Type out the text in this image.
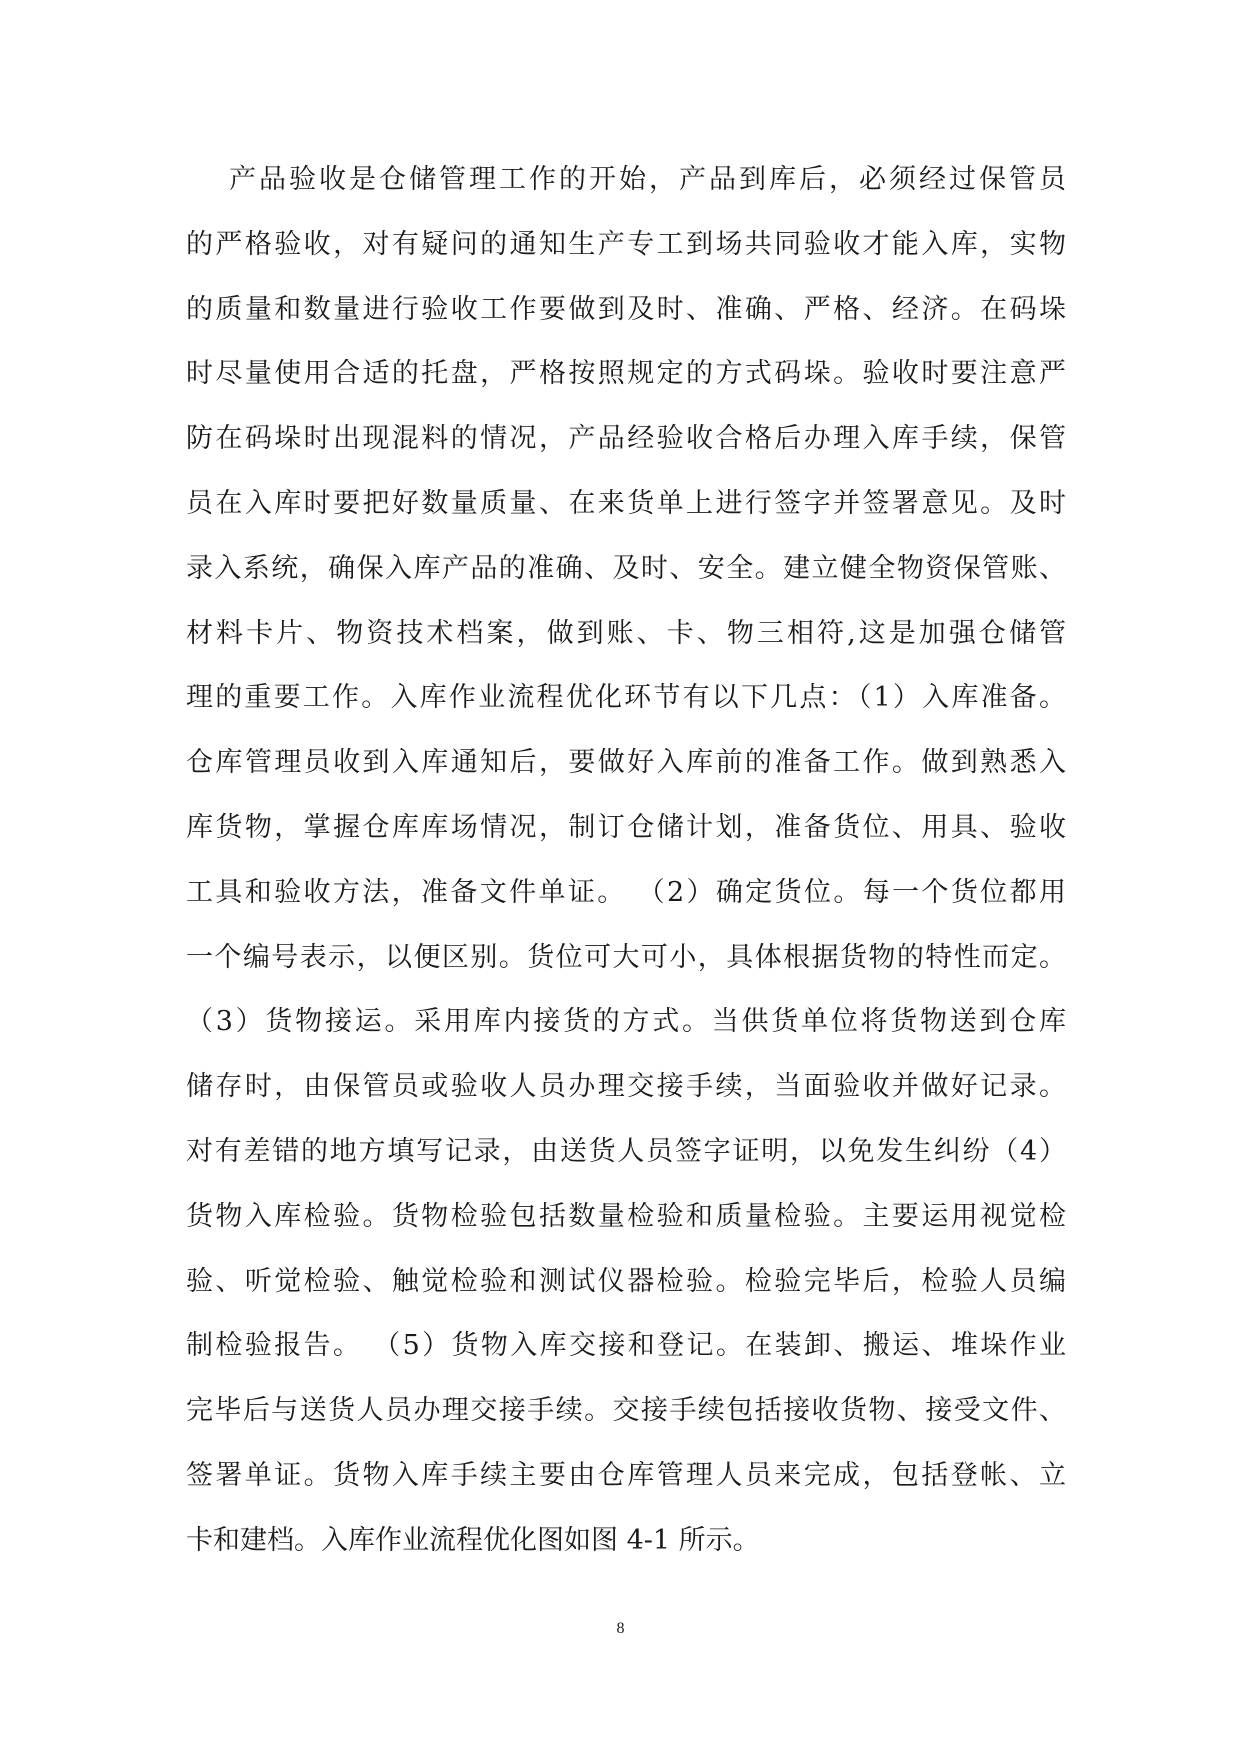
产品验收是仓储管理工作的开始，产品到库后，必须经过保管员
的严格验收，对有疑问的通知生产专工到场共同验收才能入库，实物
的质量和数量进行验收工作要做到及时、准确、严格、经济。在码垛
时尽量使用合适的托盘，严格按照规定的方式码垛。验收时要注意严
防在码垛时出现混料的情况，产品经验收合格后办理入库手续，保管
员在入库时要把好数量质量、在来货单上进行签字并签署意见。及时
录入系统，确保入库产品的准确、及时、安全。建立健全物资保管账、
材料卡片、物资技术档案，做到账、卡、物三相符,这是加强仓储管
理的重要工作。入库作业流程优化环节有以下几点：（1）入库准备。
仓库管理员收到入库通知后，要做好入库前的准备工作。做到熟悉入
库货物，掌握仓库库场情况，制订仓储计划，准备货位、用具、验收
工具和验收方法，准备文件单证。 （2）确定货位。每一个货位都用
一个编号表示，以便区别。货位可大可小，具体根据货物的特性而定。
（3）货物接运。采用库内接货的方式。当供货单位将货物送到仓库
储存时，由保管员或验收人员办理交接手续，当面验收并做好记录。
对有差错的地方填写记录，由送货人员签字证明，以免发生纠纷（4）
货物入库检验。货物检验包括数量检验和质量检验。主要运用视觉检
验、听觉检验、触觉检验和测试仪器检验。检验完毕后，检验人员编
制检验报告。 （5）货物入库交接和登记。在装卸、搬运、堆垛作业
完毕后与送货人员办理交接手续。交接手续包括接收货物、接受文件、
签署单证。货物入库手续主要由仓库管理人员来完成，包括登帐、立
卡和建档。入库作业流程优化图如图 4-1 所示。
8
